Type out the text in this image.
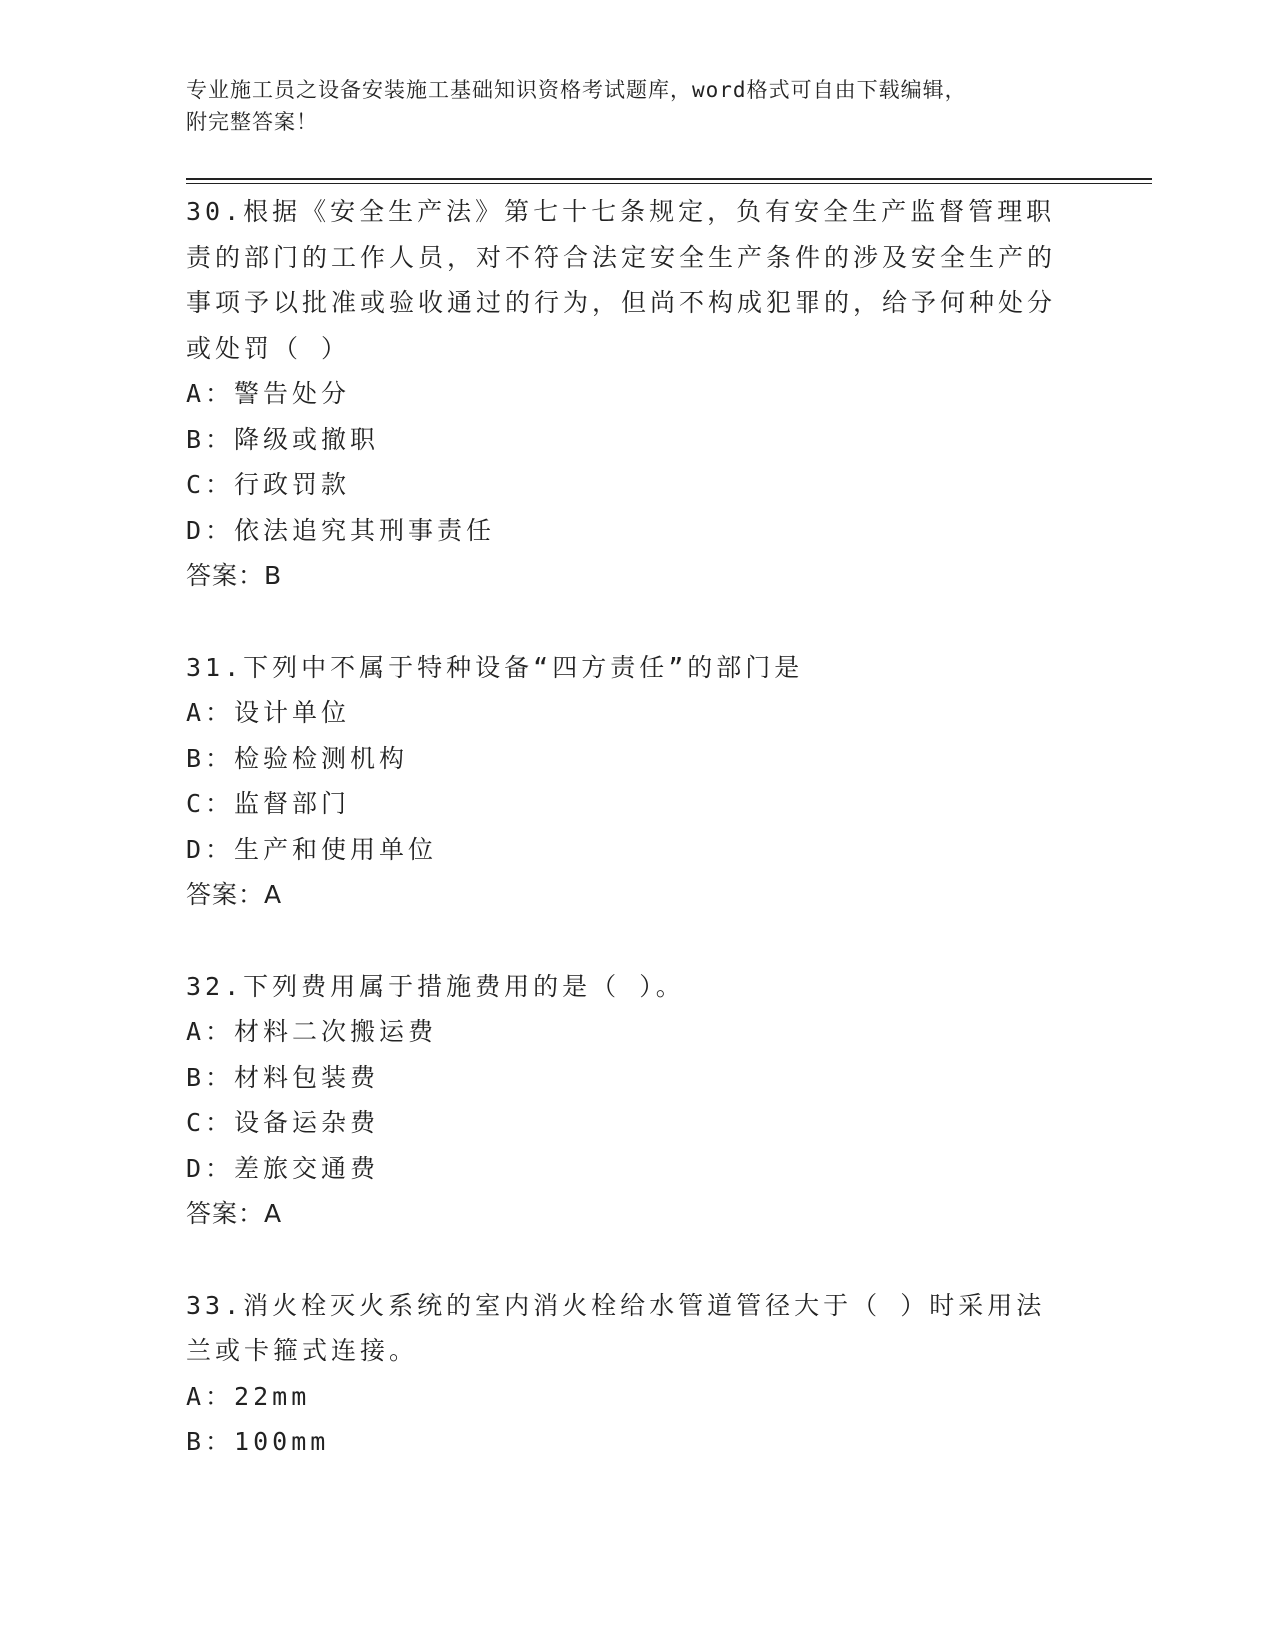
专业施工员之设备安装施工基础知识资格考试题库，word格式可自由下载编辑，
附完整答案！
30.根据《安全生产法》第七十七条规定，负有安全生产监督管理职责的部门的工作人员，对不符合法定安全生产条件的涉及安全生产的事项予以批准或验收通过的行为，但尚不构成犯罪的，给予何种处分或处罚（ ）
A：警告处分
B：降级或撤职
C：行政罚款
D：依法追究其刑事责任
答案：B
31.下列中不属于特种设备“四方责任”的部门是
A：设计单位
B：检验检测机构
C：监督部门
D：生产和使用单位
答案：A
32.下列费用属于措施费用的是（ ）。
A：材料二次搬运费
B：材料包装费
C：设备运杂费
D：差旅交通费
答案：A
33.消火栓灭火系统的室内消火栓给水管道管径大于（ ）时采用法兰或卡箍式连接。
A：22mm
B：100mm
